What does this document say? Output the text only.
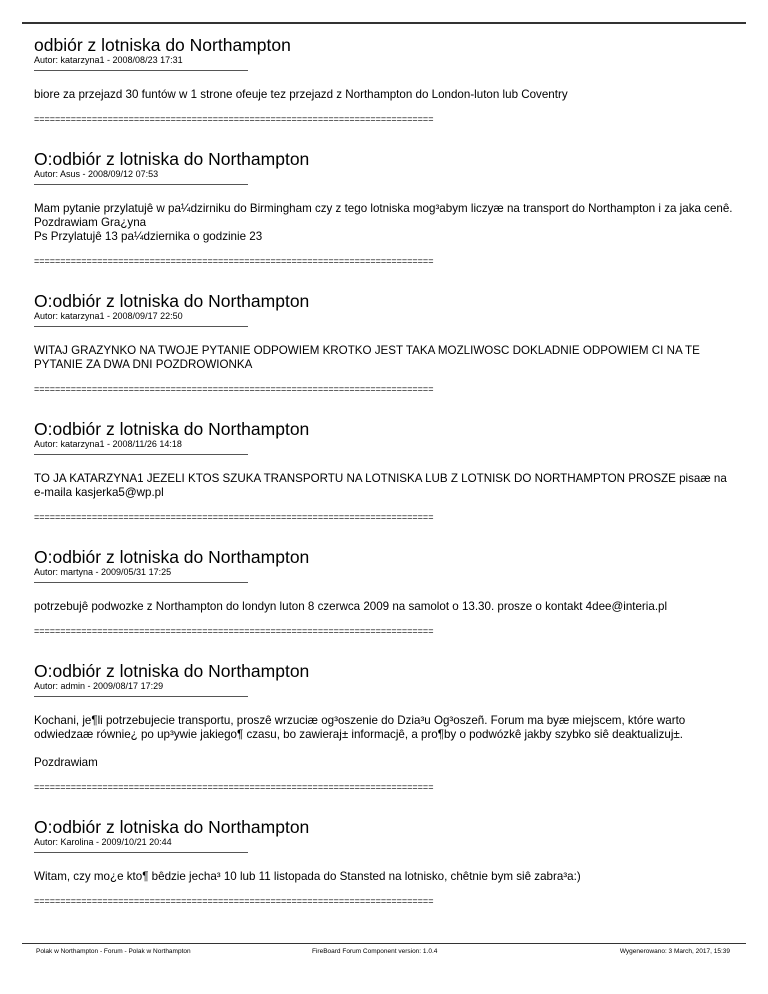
odbiór z lotniska do Northampton
Autor: katarzyna1 - 2008/08/23 17:31

biore za przejazd 30 funtów w 1 strone ofeuje tez przejazd z Northampton do London-luton lub Coventry

============================================================================
O:odbiór z lotniska do Northampton
Autor: Asus - 2008/09/12 07:53

Mam pytanie przylatujê w pa¼dzirniku do Birmingham czy z tego lotniska mog³abym liczyæ na transport do Northampton i za jaka cenê. Pozdrawiam Gra¿yna
Ps Przylatujê 13 pa¼dziernika o godzinie 23

============================================================================
O:odbiór z lotniska do Northampton
Autor: katarzyna1 - 2008/09/17 22:50

WITAJ GRAZYNKO NA TWOJE PYTANIE ODPOWIEM KROTKO JEST TAKA MOZLIWOSC DOKLADNIE ODPOWIEM CI NA TE PYTANIE ZA DWA DNI POZDROWIONKA

============================================================================
O:odbiór z lotniska do Northampton
Autor: katarzyna1 - 2008/11/26 14:18

TO JA KATARZYNA1 JEZELI KTOS SZUKA TRANSPORTU NA LOTNISKA LUB Z LOTNISK DO NORTHAMPTON PROSZE pisaæ na e-maila kasjerka5@wp.pl

============================================================================
O:odbiór z lotniska do Northampton
Autor: martyna - 2009/05/31 17:25

potrzebujê podwozke z Northampton do londyn luton 8 czerwca 2009 na samolot o 13.30. prosze o kontakt 4dee@interia.pl

============================================================================
O:odbiór z lotniska do Northampton
Autor: admin - 2009/08/17 17:29

Kochani, je¶li potrzebujecie transportu, proszê wrzuciæ og³oszenie do Dzia³u Og³oszeñ. Forum ma byæ miejscem, które warto odwiedzaæ równie¿ po up³ywie jakiego¶ czasu, bo zawieraj± informacjê, a pro¶by o podwózkê jakby szybko siê deaktualizuj±.

Pozdrawiam

============================================================================
O:odbiór z lotniska do Northampton
Autor: Karolina - 2009/10/21 20:44

Witam, czy mo¿e kto¶ bêdzie jecha³ 10 lub 11 listopada do Stansted na lotnisko, chêtnie bym siê zabra³a:)

============================================================================
Polak w Northampton - Forum - Polak w Northampton	FireBoard Forum Component version: 1.0.4	Wygenerowano: 3 March, 2017, 15:39
